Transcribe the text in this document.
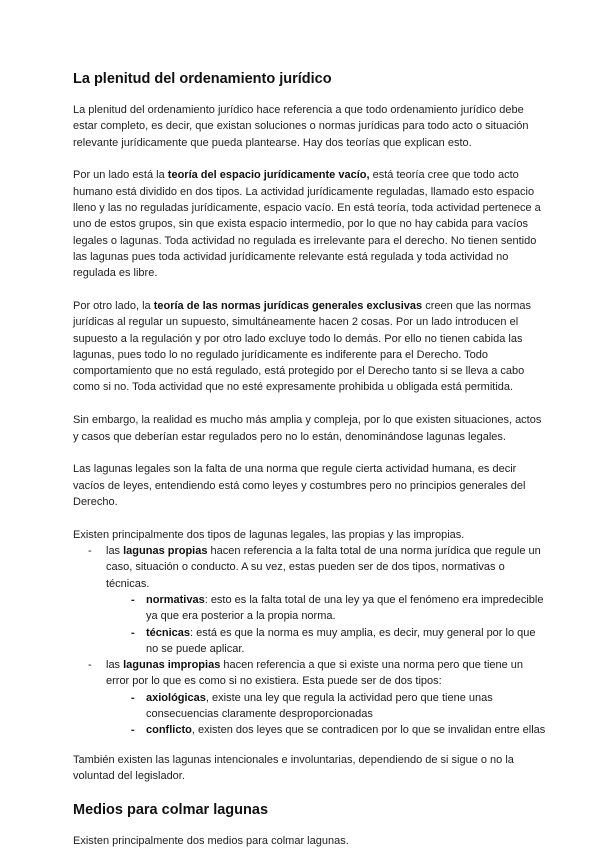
La plenitud del ordenamiento jurídico

La plenitud del ordenamiento jurídico hace referencia a que todo ordenamiento jurídico debe estar completo, es decir, que existan soluciones o normas jurídicas para todo acto o situación relevante jurídicamente que pueda plantearse. Hay dos teorías que explican esto.

Por un lado está la teoría del espacio jurídicamente vacío, está teoría cree que todo acto humano está dividido en dos tipos. La actividad jurídicamente reguladas, llamado esto espacio lleno y las no reguladas jurídicamente, espacio vacío. En está teoría, toda actividad pertenece a uno de estos grupos, sin que exista espacio intermedio, por lo que no hay cabida para vacíos legales o lagunas. Toda actividad no regulada es irrelevante para el derecho. No tienen sentido las lagunas pues toda actividad jurídicamente relevante está regulada y toda actividad no regulada es libre.

Por otro lado, la teoría de las normas jurídicas generales exclusivas creen que las normas jurídicas al regular un supuesto, simultáneamente hacen 2 cosas. Por un lado introducen el supuesto a la regulación y por otro lado excluye todo lo demás. Por ello no tienen cabida las lagunas, pues todo lo no regulado jurídicamente es indiferente para el Derecho. Todo comportamiento que no está regulado, está protegido por el Derecho tanto si se lleva a cabo como si no. Toda actividad que no esté expresamente prohibida u obligada está permitida.

Sin embargo, la realidad es mucho más amplia y compleja, por lo que existen situaciones, actos y casos que deberían estar regulados pero no lo están, denominándose lagunas legales.

Las lagunas legales son la falta de una norma que regule cierta actividad humana, es decir vacíos de leyes, entendiendo está como leyes y costumbres pero no principios generales del Derecho.

Existen principalmente dos tipos de lagunas legales, las propias y las impropias.

- las lagunas propias hacen referencia a la falta total de una norma jurídica que regule un caso, situación o conducto. A su vez, estas pueden ser de dos tipos, normativas o técnicas.
- normativas: esto es la falta total de una ley ya que el fenómeno era impredecible ya que era posterior a la propia norma.
- técnicas: está es que la norma es muy amplia, es decir, muy general por lo que no se puede aplicar.
- las lagunas impropias hacen referencia a que si existe una norma pero que tiene un error por lo que es como si no existiera. Esta puede ser de dos tipos:
- axiológicas, existe una ley que regula la actividad pero que tiene unas consecuencias claramente desproporcionadas
- conflicto, existen dos leyes que se contradicen por lo que se invalidan entre ellas

También existen las lagunas intencionales e involuntarias, dependiendo de si sigue o no la voluntad del legislador.

Medios para colmar lagunas

Existen principalmente dos medios para colmar lagunas.
